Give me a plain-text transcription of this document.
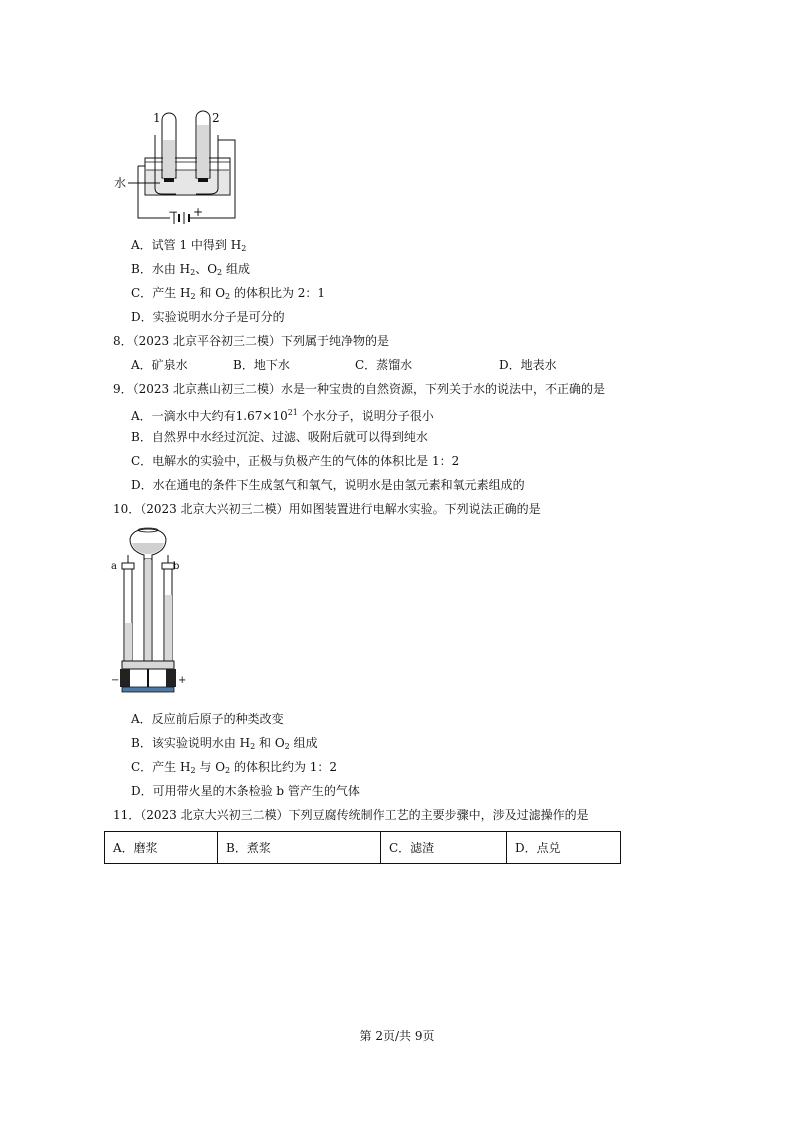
1	2
水
− +
A．试管 1 中得到 $H_2$
B．水由 $H_2$、$O_2$ 组成
C．产生 $H_2$ 和 $O_2$ 的体积比为 2：1
D．实验说明水分子是可分的
8．（2023 北京平谷初三二模）下列属于纯净物的是
A．矿泉水	B．地下水	C．蒸馏水	D．地表水
9．（2023 北京燕山初三二模）水是一种宝贵的自然资源，下列关于水的说法中，不正确的是
A．一滴水中大约有$1.67\times 10^{21}$ 个水分子，说明分子很小
B．自然界中水经过沉淀、过滤、吸附后就可以得到纯水
C．电解水的实验中，正极与负极产生的气体的体积比是 1：2
D．水在通电的条件下生成氢气和氧气，说明水是由氢元素和氧元素组成的
10．（2023 北京大兴初三二模）用如图装置进行电解水实验。下列说法正确的是
a	b
−	+
A．反应前后原子的种类改变
B．该实验说明水由 $H_2$ 和 $O_2$ 组成
C．产生 $H_2$ 与 $O_2$ 的体积比约为 1：2
D．可用带火星的木条检验 b 管产生的气体
11．（2023 北京大兴初三二模）下列豆腐传统制作工艺的主要步骤中，涉及过滤操作的是
A．磨浆	B．煮浆	C．滤渣	D．点兑
第 2页/共 9页
